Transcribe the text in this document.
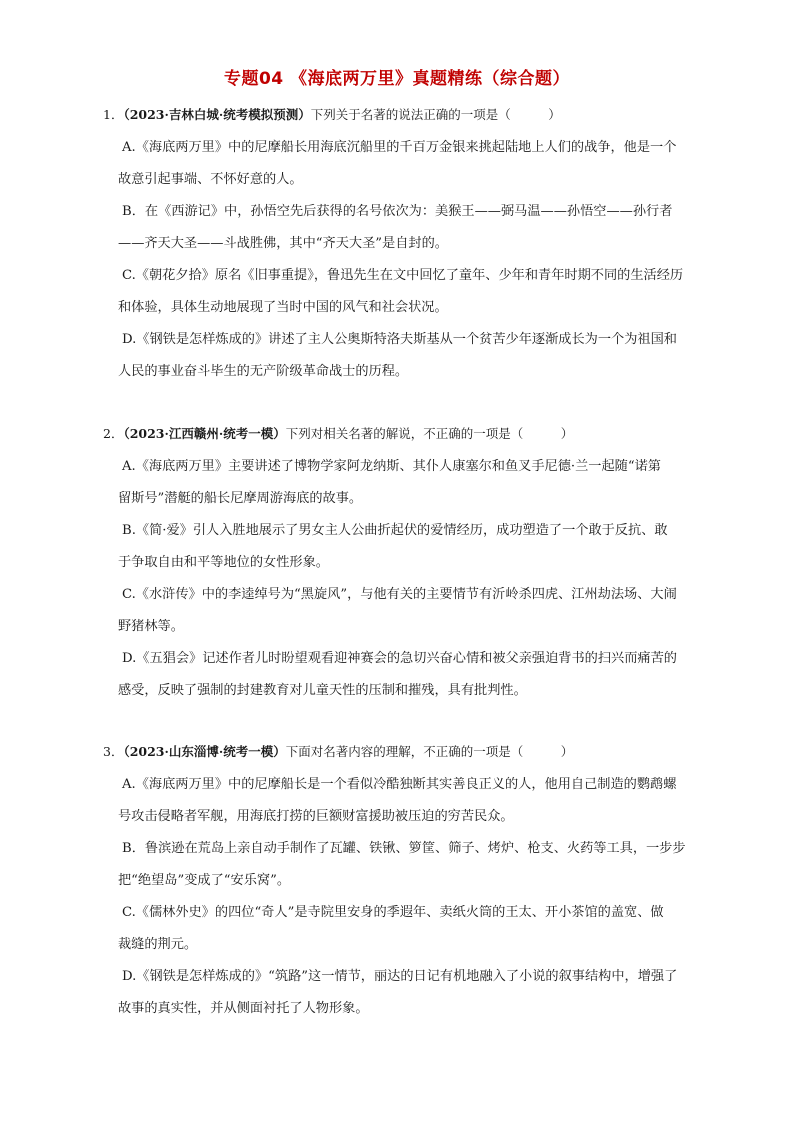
专题04 《海底两万里》真题精练（综合题）
1．（2023·吉林白城·统考模拟预测）下列关于名著的说法正确的一项是（　　　）
A.《海底两万里》中的尼摩船长用海底沉船里的千百万金银来挑起陆地上人们的战争，他是一个
故意引起事端、不怀好意的人。
B．在《西游记》中，孙悟空先后获得的名号依次为：美猴王——弼马温——孙悟空——孙行者
——齐天大圣——斗战胜佛，其中“齐天大圣”是自封的。
C.《朝花夕拾》原名《旧事重提》，鲁迅先生在文中回忆了童年、少年和青年时期不同的生活经历
和体验，具体生动地展现了当时中国的风气和社会状况。
D.《钢铁是怎样炼成的》讲述了主人公奥斯特洛夫斯基从一个贫苦少年逐渐成长为一个为祖国和
人民的事业奋斗毕生的无产阶级革命战士的历程。
2．（2023·江西赣州·统考一模）下列对相关名著的解说，不正确的一项是（　　　）
A.《海底两万里》主要讲述了博物学家阿龙纳斯、其仆人康塞尔和鱼叉手尼德·兰一起随“诺第
留斯号”潜艇的船长尼摩周游海底的故事。
B.《简·爱》引人入胜地展示了男女主人公曲折起伏的爱情经历，成功塑造了一个敢于反抗、敢
于争取自由和平等地位的女性形象。
C.《水浒传》中的李逵绰号为“黑旋风”，与他有关的主要情节有沂岭杀四虎、江州劫法场、大闹
野猪林等。
D.《五猖会》记述作者儿时盼望观看迎神赛会的急切兴奋心情和被父亲强迫背书的扫兴而痛苦的
感受，反映了强制的封建教育对儿童天性的压制和摧残，具有批判性。
3．（2023·山东淄博·统考一模）下面对名著内容的理解，不正确的一项是（　　　）
A.《海底两万里》中的尼摩船长是一个看似冷酷独断其实善良正义的人，他用自己制造的鹦鹉螺
号攻击侵略者军舰，用海底打捞的巨额财富援助被压迫的穷苦民众。
B．鲁滨逊在荒岛上亲自动手制作了瓦罐、铁锹、箩筐、筛子、烤炉、枪支、火药等工具，一步步
把“绝望岛”变成了“安乐窝”。
C.《儒林外史》的四位“奇人”是寺院里安身的季遐年、卖纸火筒的王太、开小茶馆的盖宽、做
裁缝的荆元。
D.《钢铁是怎样炼成的》“筑路”这一情节，丽达的日记有机地融入了小说的叙事结构中，增强了
故事的真实性，并从侧面衬托了人物形象。
